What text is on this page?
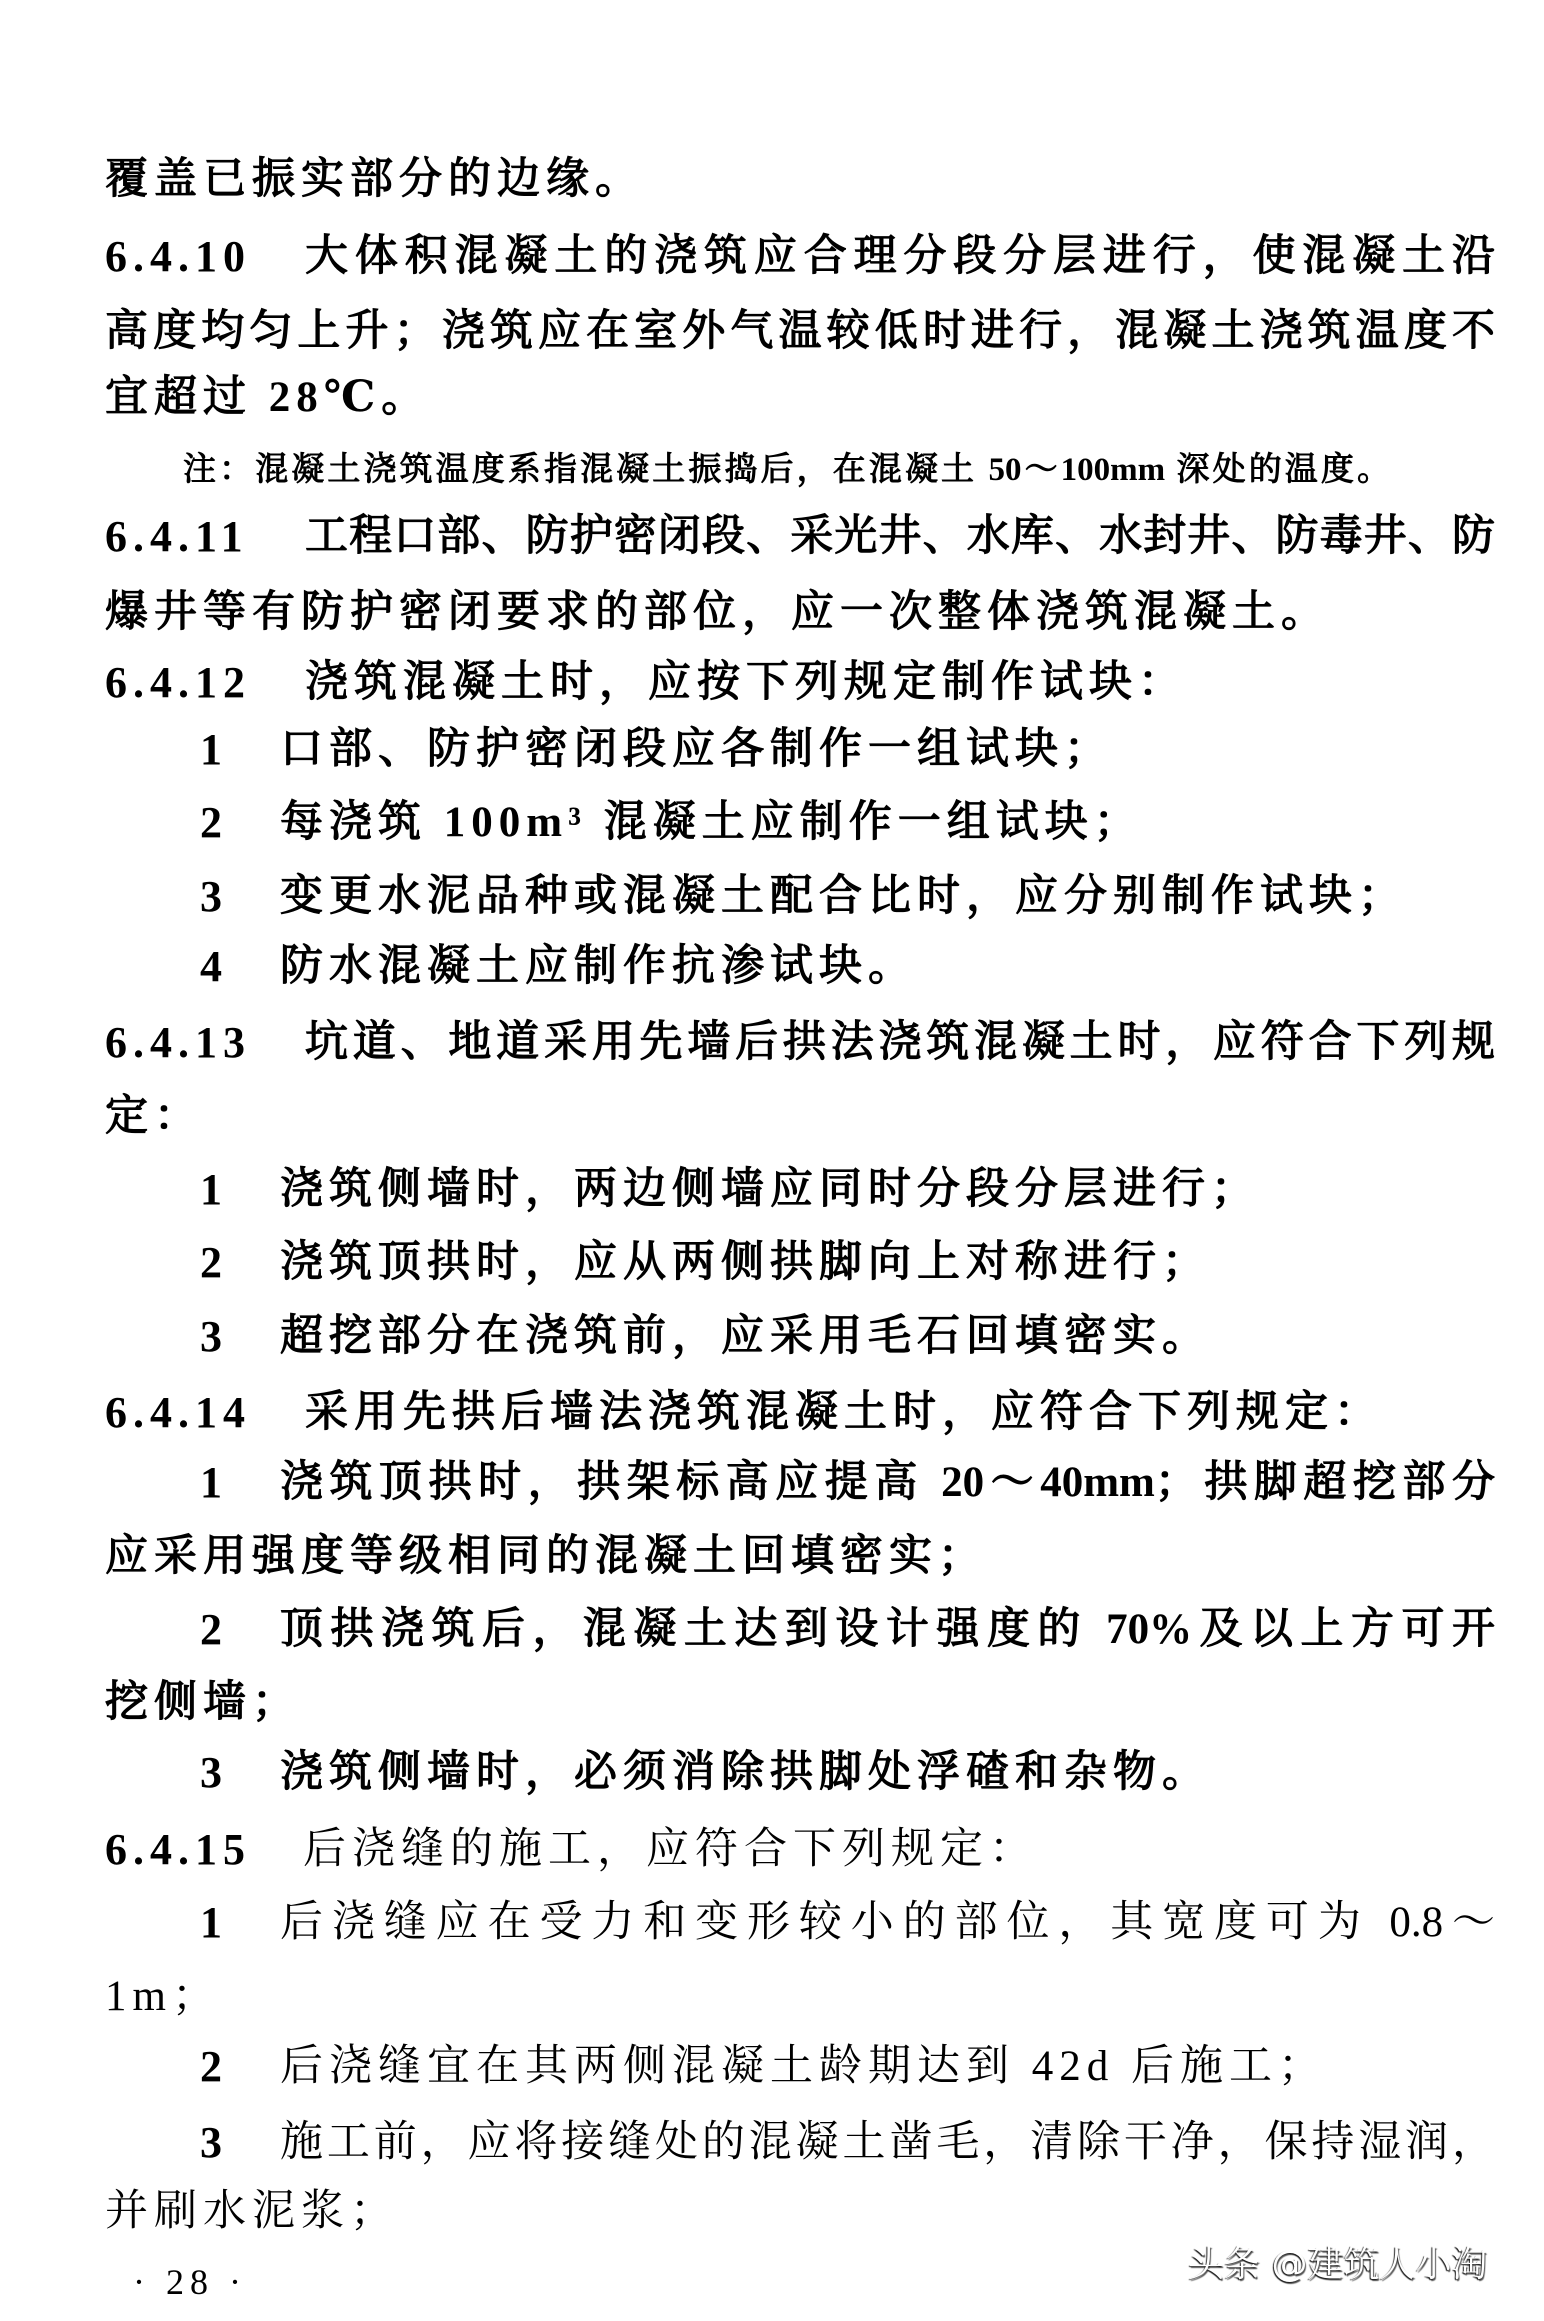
覆盖已振实部分的边缘。
6.4.10 大体积混凝土的浇筑应合理分段分层进行，使混凝土沿
高度均匀上升；浇筑应在室外气温较低时进行，混凝土浇筑温度不
宜超过 28℃。
注：混凝土浇筑温度系指混凝土振捣后，在混凝土 50～100mm 深处的温度。
6.4.11 工程口部、防护密闭段、采光井、水库、水封井、防毒井、防
爆井等有防护密闭要求的部位，应一次整体浇筑混凝土。
6.4.12 浇筑混凝土时，应按下列规定制作试块：
1 口部、防护密闭段应各制作一组试块；
2 每浇筑 100m³ 混凝土应制作一组试块；
3 变更水泥品种或混凝土配合比时，应分别制作试块；
4 防水混凝土应制作抗渗试块。
6.4.13 坑道、地道采用先墙后拱法浇筑混凝土时，应符合下列规
定：
1 浇筑侧墙时，两边侧墙应同时分段分层进行；
2 浇筑顶拱时，应从两侧拱脚向上对称进行；
3 超挖部分在浇筑前，应采用毛石回填密实。
6.4.14 采用先拱后墙法浇筑混凝土时，应符合下列规定：
1 浇筑顶拱时，拱架标高应提高 20～40mm；拱脚超挖部分
应采用强度等级相同的混凝土回填密实；
2 顶拱浇筑后，混凝土达到设计强度的 70%及以上方可开
挖侧墙；
3 浇筑侧墙时，必须消除拱脚处浮碴和杂物。
6.4.15 后浇缝的施工，应符合下列规定：
1 后浇缝应在受力和变形较小的部位，其宽度可为 0.8～
1m；
2 后浇缝宜在其两侧混凝土龄期达到 42d 后施工；
3 施工前，应将接缝处的混凝土凿毛，清除干净，保持湿润，
并刷水泥浆；
· 28 ·	头条 @建筑人小淘
